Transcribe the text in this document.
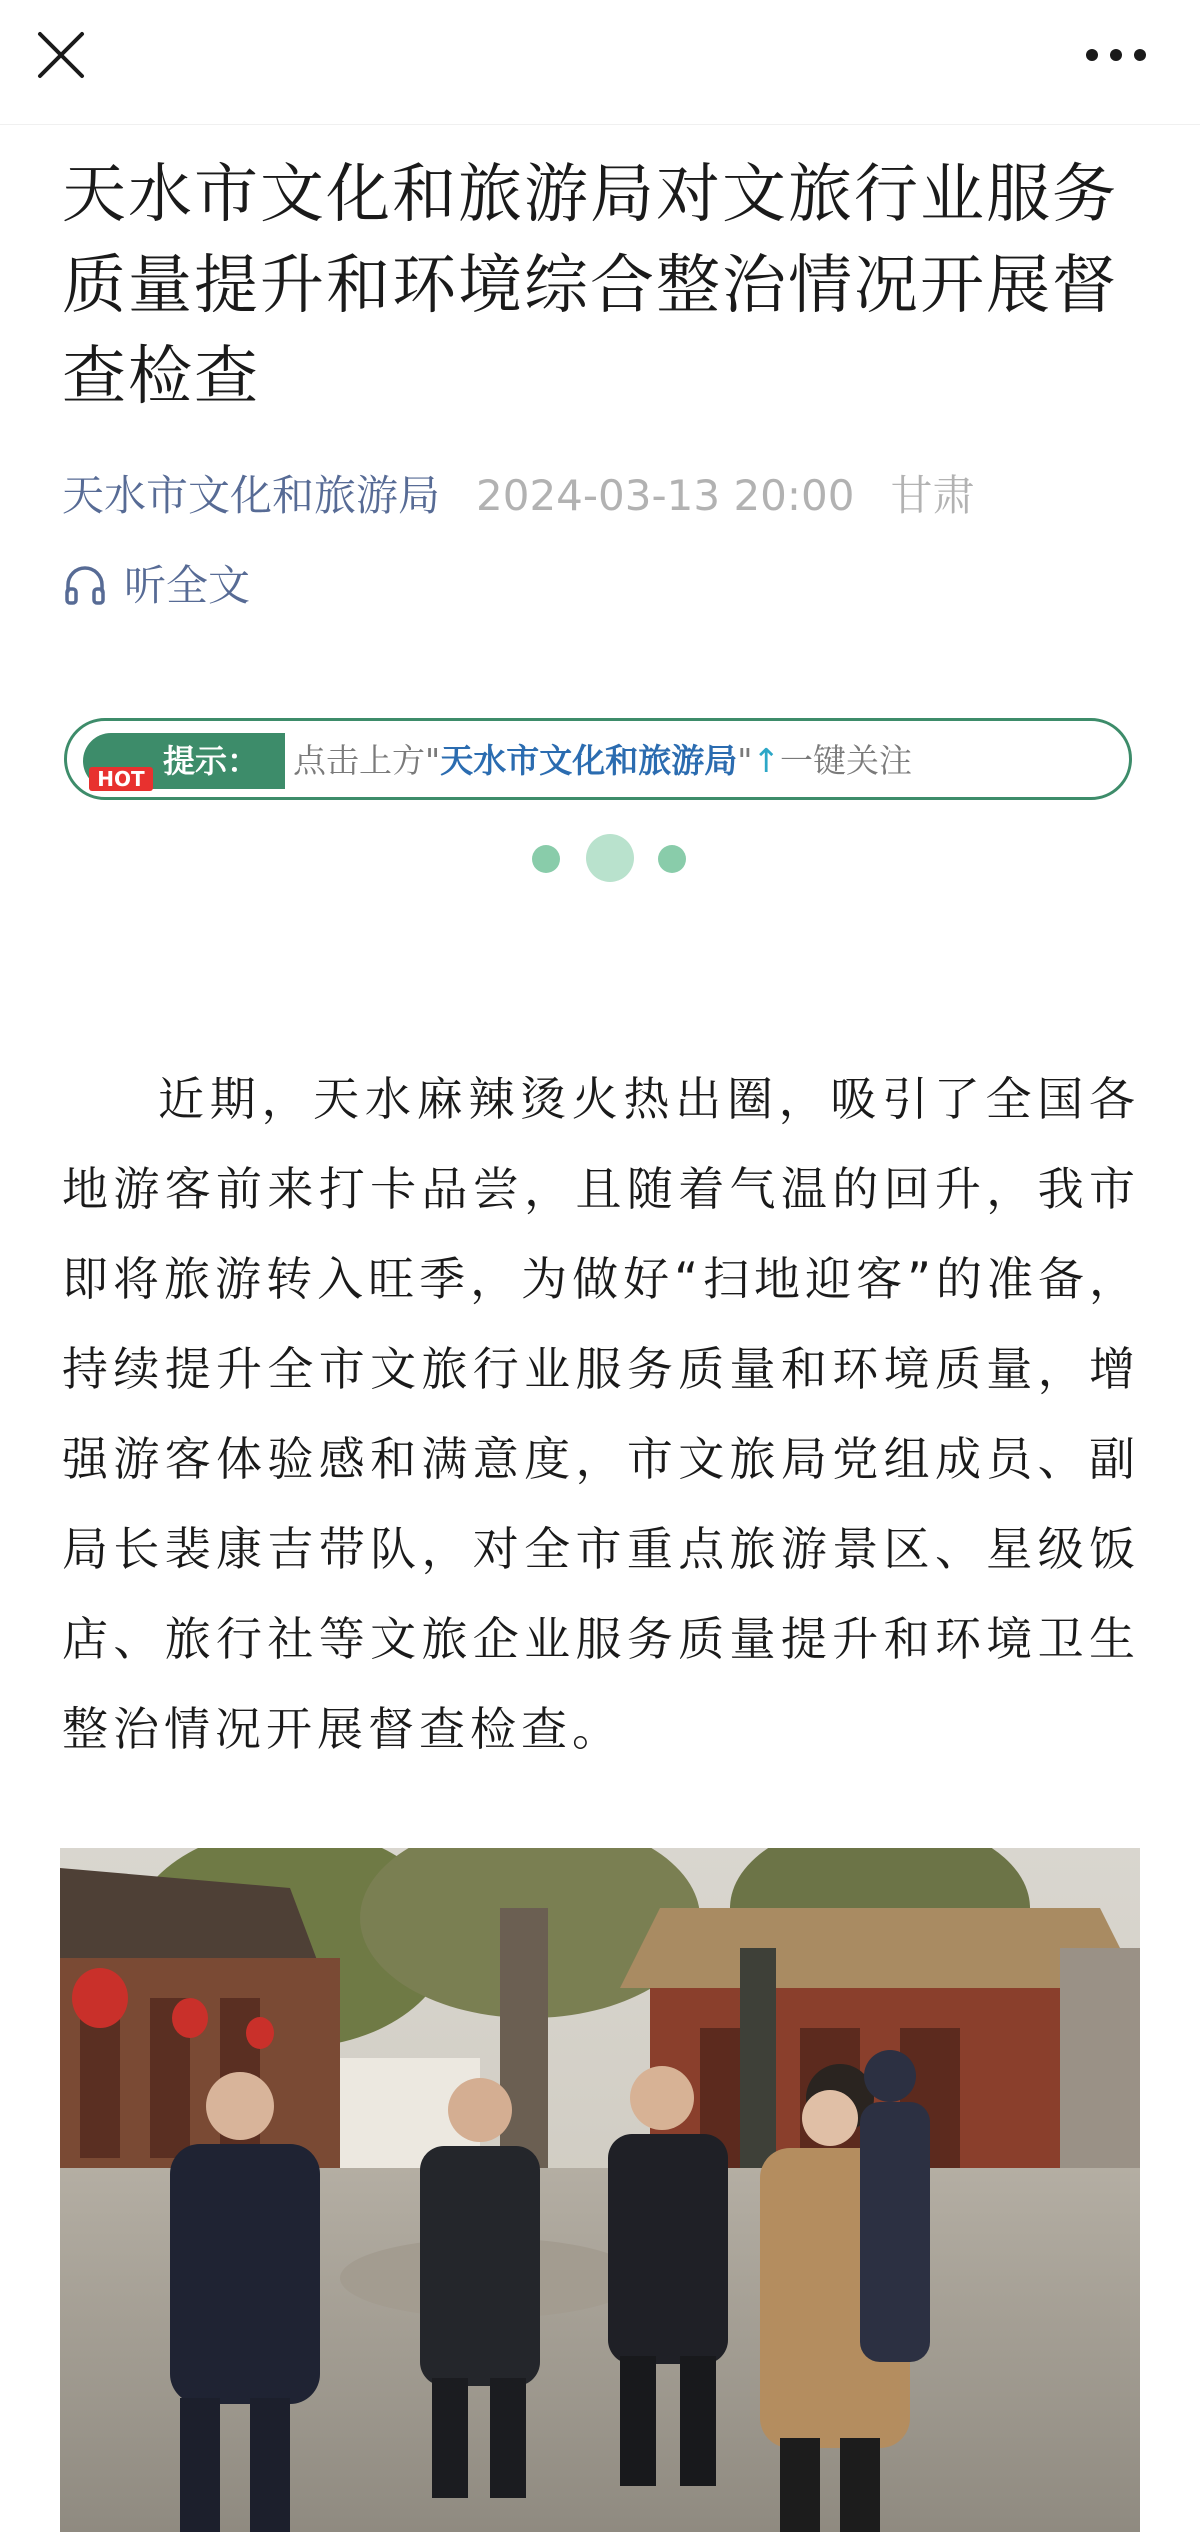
天水市文化和旅游局对文旅行业服务质量提升和环境综合整治情况开展督查检查
天水市文化和旅游局 2024-03-13 20:00 甘肃
听全文
提示：
HOT	点击上方"天水市文化和旅游局"↑一键关注

近期，天水麻辣烫火热出圈，吸引了全国各地游客前来打卡品尝，且随着气温的回升，我市即将旅游转入旺季，为做好“扫地迎客”的准备，持续提升全市文旅行业服务质量和环境质量，增强游客体验感和满意度，市文旅局党组成员、副局长裴康吉带队，对全市重点旅游景区、星级饭店、旅行社等文旅企业服务质量提升和环境卫生整治情况开展督查检查。
